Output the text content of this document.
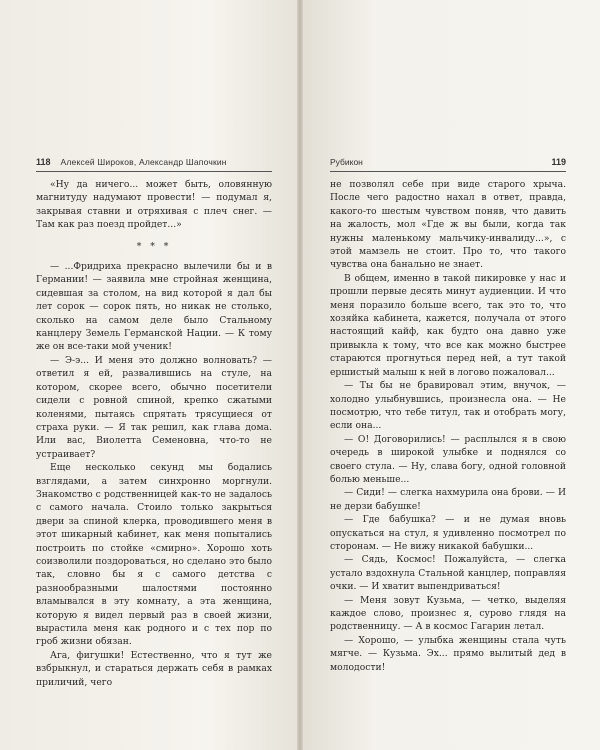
118 Алексей Широков, Александр Шапочкин	Рубикон	119

«Ну да ничего... может быть, оловянную магнитуду надумают провести! — подумал я, закрывая ставни и отряхивая с плеч снег. — Там как раз поезд пройдет...»

* * *

— ...Фридриха прекрасно вылечили бы и в Германии! — заявила мне стройная женщина, сидевшая за столом, на вид которой я дал бы лет сорок — сорок пять, но никак не столько, сколько на самом деле было Стальному канцлеру Земель Германской Нации. — К тому же он все-таки мой ученик!

— Э-э... И меня это должно волновать? — ответил я ей, развалившись на стуле, на котором, скорее всего, обычно посетители сидели с ровной спиной, крепко сжатыми коленями, пытаясь спрятать трясущиеся от страха руки. — Я так решил, как глава дома. Или вас, Виолетта Семеновна, что-то не устраивает?

Еще несколько секунд мы бодались взглядами, а затем синхронно моргнули. Знакомство с родственницей как-то не задалось с самого начала. Стоило только закрыться двери за спиной клерка, проводившего меня в этот шикарный кабинет, как меня попытались построить по стойке «смирно». Хорошо хоть соизволили поздороваться, но сделано это было так, словно бы я с самого детства с разнообразными шалостями постоянно вламывался в эту комнату, а эта женщина, которую я видел первый раз в своей жизни, вырастила меня как родного и с тех пор по гроб жизни обязан.

Ага, фигушки! Естественно, что я тут же взбрыкнул, и стараться держать себя в рамках приличий, чего

не позволял себе при виде старого хрыча. После чего радостно нахал в ответ, правда, какого-то шестым чувством поняв, чтo давить на жалость, мол «Где ж вы были, когда так нужны маленькому мальчику-инвалиду...», с этой мамзель не стоит. Про то, что такого чувства она банально не знает.

В общем, именно в такой пикировке у нас и прошли первые десять минут аудиенции. И что меня поразило больше всего, так это то, что хозяйка кабинета, кажется, получала от этого настоящий кайф, как будто она давно уже привыкла к тому, что все как можно быстрее стараются прогнуться перед ней, а тут такой ершистый малыш к ней в логово пожаловал...

— Ты бы не бравировал этим, внучок, — холодно улыбнувшись, произнесла она. — Не посмотрю, что тебе титул, так и отобрать могу, если она...

— О! Договорились! — расплылся я в свою очередь в широкой улыбке и поднялся со своего стула. — Ну, слава богу, одной головной болью меньше...

— Сиди! — слегка нахмурила она брови. — И не дерзи бабушке!

— Где бабушка? — и не думая вновь опускаться на стул, я удивленно посмотрел по сторонам. — Не вижу никакой бабушки...

— Сядь, Космос! Пожалуйста, — слегка устало вздохнула Стальной канцлер, поправляя очки. — И хватит выпендриваться!

— Меня зовут Кузьма, — четко, выделяя каждое слово, произнес я, сурово глядя на родственницу. — А в космос Гагарин летал.

— Хорошо, — улыбка женщины стала чуть мягче. — Кузьма. Эх... прямо вылитый дед в молодости!
